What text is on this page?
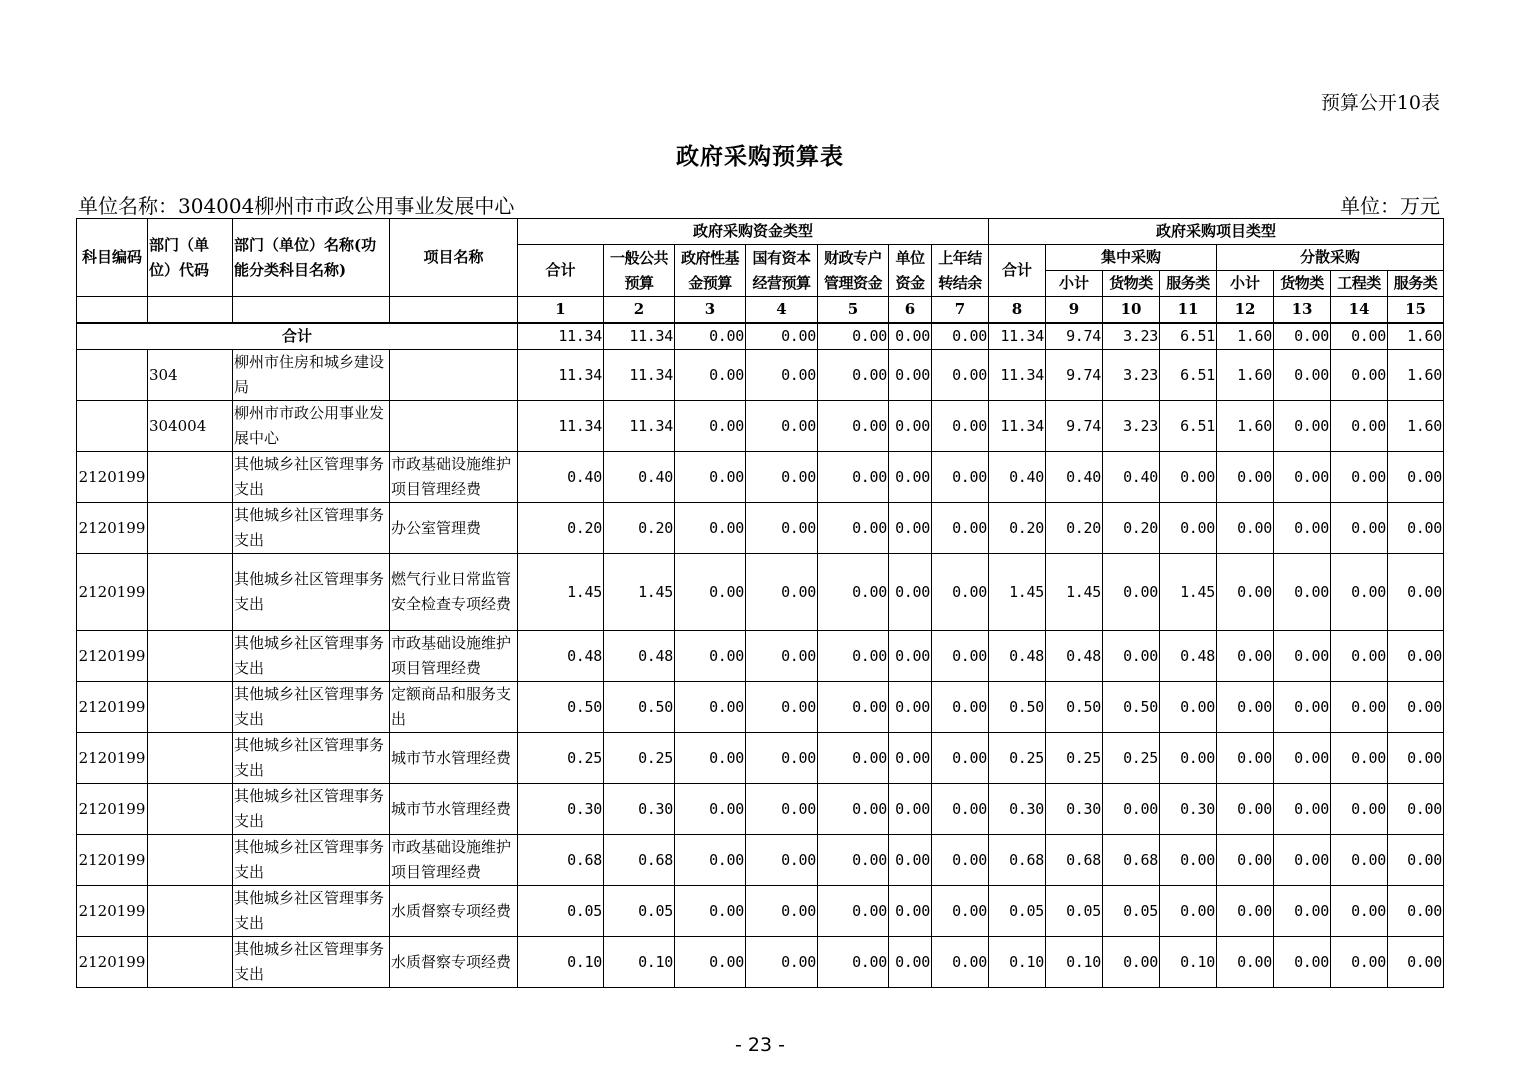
预算公开10表
政府采购预算表
单位名称：304004柳州市市政公用事业发展中心	单位：万元
科目编码	部门（单位）代码	部门（单位）名称(功能分类科目名称)	项目名称	政府采购资金类型							政府采购项目类型							
				合计	一般公共预算	政府性基金预算	国有资本经营预算	财政专户管理资金	单位资金	上年结转结余	合计	集中采购			分散采购			
												小计	货物类	服务类	小计	货物类	工程类	服务类
				1	2	3	4	5	6	7	8	9	10	11	12	13	14	15
合计				11.34	11.34	0.00	0.00	0.00	0.00	0.00	11.34	9.74	3.23	6.51	1.60	0.00	0.00	1.60
	304	柳州市住房和城乡建设局		11.34	11.34	0.00	0.00	0.00	0.00	0.00	11.34	9.74	3.23	6.51	1.60	0.00	0.00	1.60
	304004	柳州市市政公用事业发展中心		11.34	11.34	0.00	0.00	0.00	0.00	0.00	11.34	9.74	3.23	6.51	1.60	0.00	0.00	1.60
2120199		其他城乡社区管理事务支出	市政基础设施维护项目管理经费	0.40	0.40	0.00	0.00	0.00	0.00	0.00	0.40	0.40	0.40	0.00	0.00	0.00	0.00	0.00
2120199		其他城乡社区管理事务支出	办公室管理费	0.20	0.20	0.00	0.00	0.00	0.00	0.00	0.20	0.20	0.20	0.00	0.00	0.00	0.00	0.00
2120199		其他城乡社区管理事务支出	燃气行业日常监管安全检查专项经费	1.45	1.45	0.00	0.00	0.00	0.00	0.00	1.45	1.45	0.00	1.45	0.00	0.00	0.00	0.00
2120199		其他城乡社区管理事务支出	市政基础设施维护项目管理经费	0.48	0.48	0.00	0.00	0.00	0.00	0.00	0.48	0.48	0.00	0.48	0.00	0.00	0.00	0.00
2120199		其他城乡社区管理事务支出	定额商品和服务支出	0.50	0.50	0.00	0.00	0.00	0.00	0.00	0.50	0.50	0.50	0.00	0.00	0.00	0.00	0.00
2120199		其他城乡社区管理事务支出	城市节水管理经费	0.25	0.25	0.00	0.00	0.00	0.00	0.00	0.25	0.25	0.25	0.00	0.00	0.00	0.00	0.00
2120199		其他城乡社区管理事务支出	城市节水管理经费	0.30	0.30	0.00	0.00	0.00	0.00	0.00	0.30	0.30	0.00	0.30	0.00	0.00	0.00	0.00
2120199		其他城乡社区管理事务支出	市政基础设施维护项目管理经费	0.68	0.68	0.00	0.00	0.00	0.00	0.00	0.68	0.68	0.68	0.00	0.00	0.00	0.00	0.00
2120199		其他城乡社区管理事务支出	水质督察专项经费	0.05	0.05	0.00	0.00	0.00	0.00	0.00	0.05	0.05	0.05	0.00	0.00	0.00	0.00	0.00
2120199		其他城乡社区管理事务支出	水质督察专项经费	0.10	0.10	0.00	0.00	0.00	0.00	0.00	0.10	0.10	0.00	0.10	0.00	0.00	0.00	0.00
- 23 -
